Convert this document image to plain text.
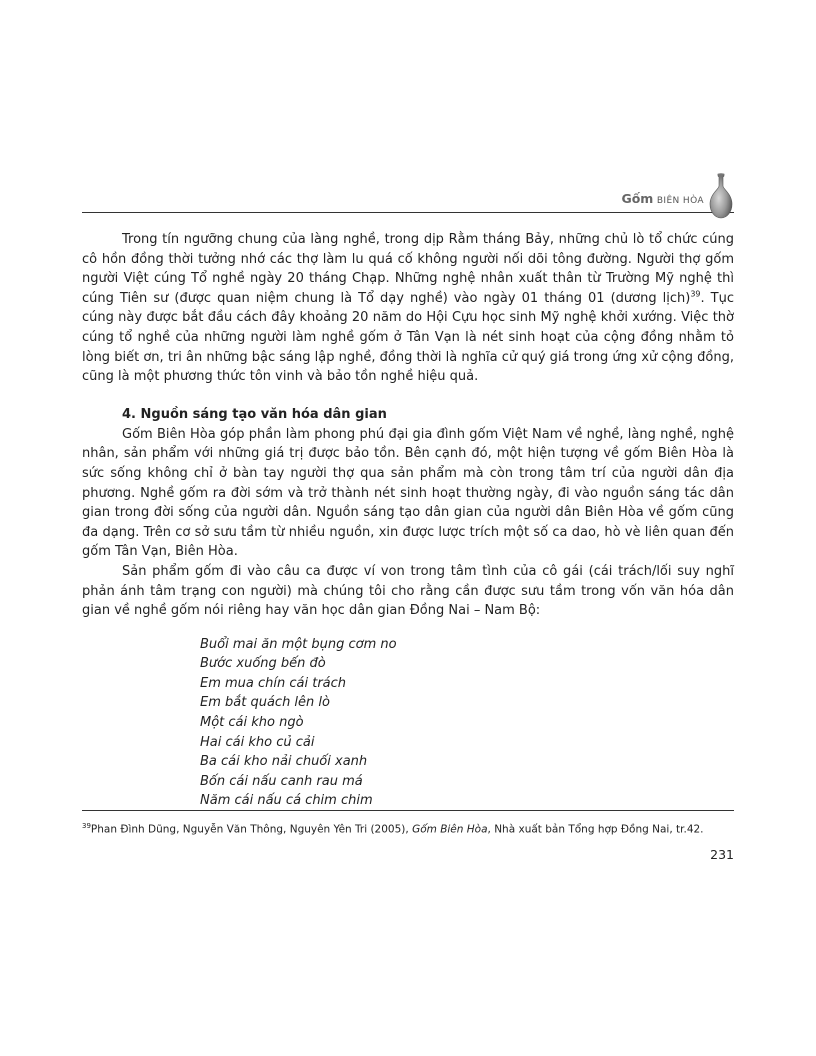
Gốm BIÊN HÒA

Trong tín ngưỡng chung của làng nghề, trong dịp Rằm tháng Bảy, những chủ lò tổ chức cúng cô hồn đồng thời tưởng nhớ các thợ làm lu quá cố không người nối dõi tông đường. Người thợ gốm người Việt cúng Tổ nghề ngày 20 tháng Chạp. Những nghệ nhân xuất thân từ Trường Mỹ nghệ thì cúng Tiên sư (được quan niệm chung là Tổ dạy nghề) vào ngày 01 tháng 01 (dương lịch)$^{39}$. Tục cúng này được bắt đầu cách đây khoảng 20 năm do Hội Cựu học sinh Mỹ nghệ khởi xướng. Việc thờ cúng tổ nghề của những người làm nghề gốm ở Tân Vạn là nét sinh hoạt của cộng đồng nhằm tỏ lòng biết ơn, tri ân những bậc sáng lập nghề, đồng thời là nghĩa cử quý giá trong ứng xử cộng đồng, cũng là một phương thức tôn vinh và bảo tồn nghề hiệu quả.

4. Nguồn sáng tạo văn hóa dân gian

Gốm Biên Hòa góp phần làm phong phú đại gia đình gốm Việt Nam về nghề, làng nghề, nghệ nhân, sản phẩm với những giá trị được bảo tồn. Bên cạnh đó, một hiện tượng về gốm Biên Hòa là sức sống không chỉ ở bàn tay người thợ qua sản phẩm mà còn trong tâm trí của người dân địa phương. Nghề gốm ra đời sớm và trở thành nét sinh hoạt thường ngày, đi vào nguồn sáng tác dân gian trong đời sống của người dân. Nguồn sáng tạo dân gian của người dân Biên Hòa về gốm cũng đa dạng. Trên cơ sở sưu tầm từ nhiều nguồn, xin được lược trích một số ca dao, hò vè liên quan đến gốm Tân Vạn, Biên Hòa.

Sản phẩm gốm đi vào câu ca được ví von trong tâm tình của cô gái (cái trách/lối suy nghĩ phản ánh tâm trạng con người) mà chúng tôi cho rằng cần được sưu tầm trong vốn văn hóa dân gian về nghề gốm nói riêng hay văn học dân gian Đồng Nai – Nam Bộ:

Buổi mai ăn một bụng cơm no
Bước xuống bến đò
Em mua chín cái trách
Em bắt quách lên lò
Một cái kho ngò
Hai cái kho củ cải
Ba cái kho nải chuối xanh
Bốn cái nấu canh rau má
Năm cái nấu cá chim chim
$^{39}$Phan Đình Dũng, Nguyễn Văn Thông, Nguyên Yên Tri (2005), Gốm Biên Hòa, Nhà xuất bản Tổng hợp Đồng Nai, tr.42.
231
